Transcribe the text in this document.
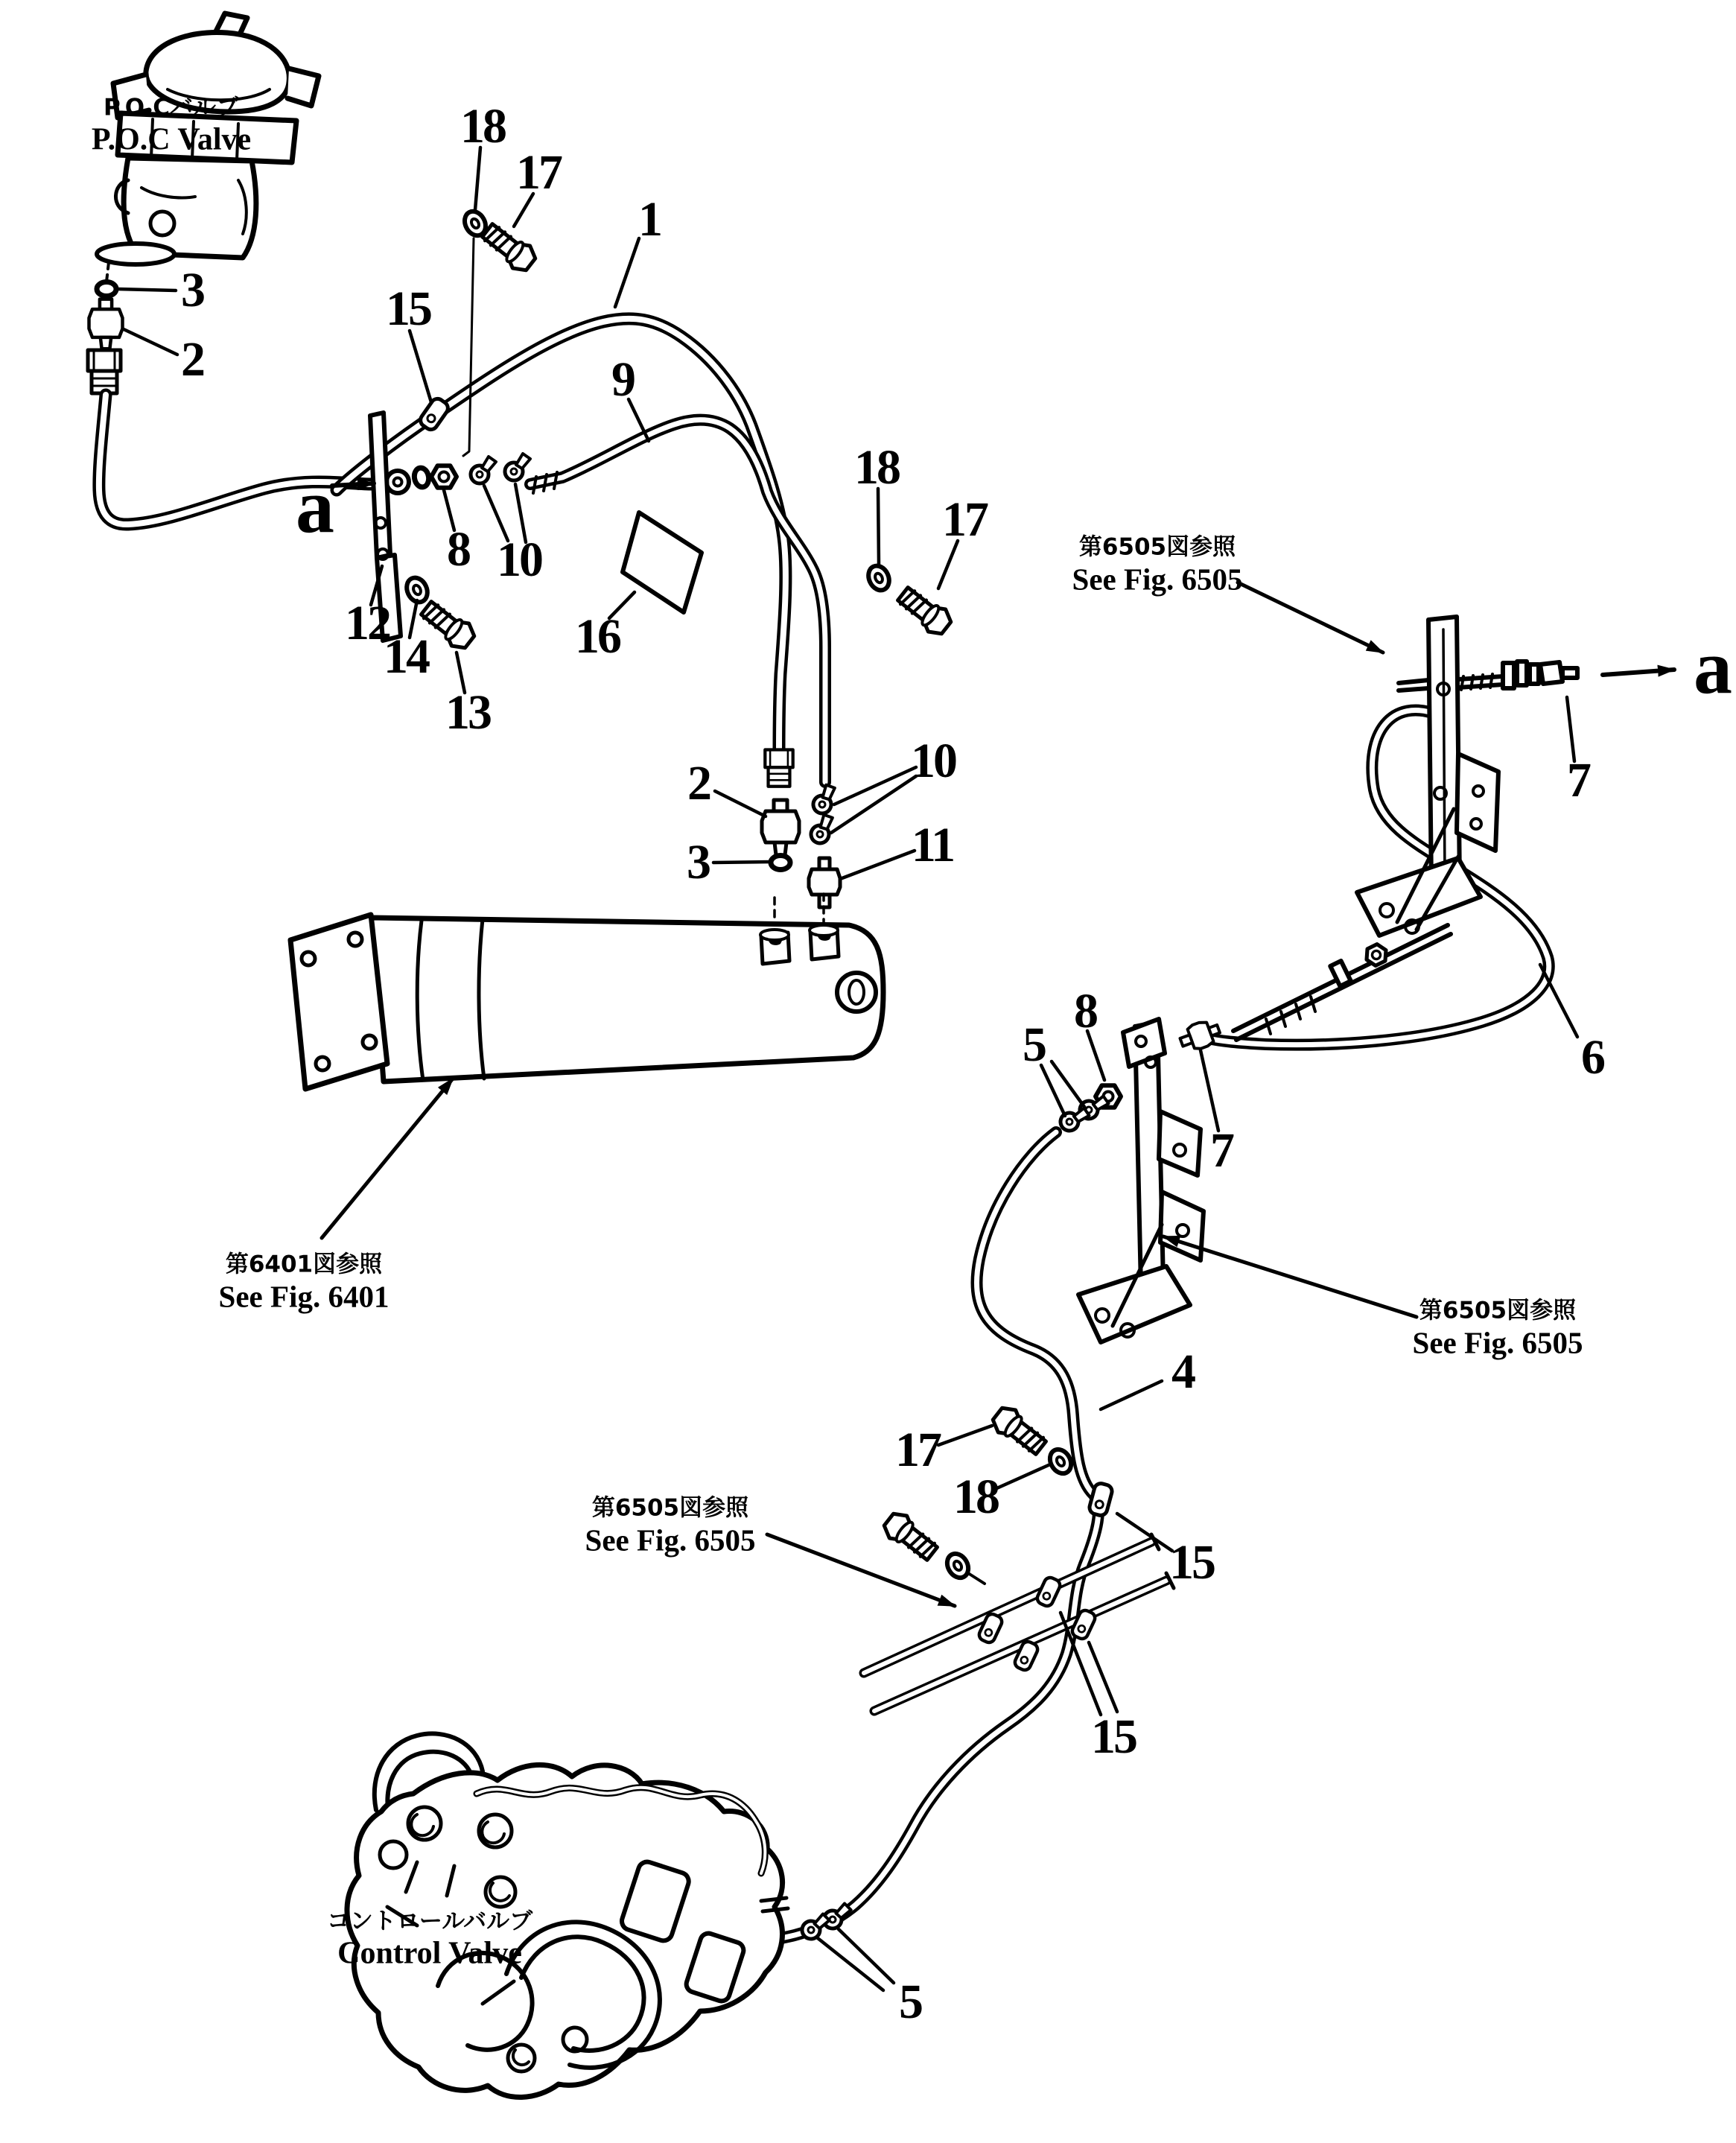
P.O.Cバルブ
P.O.C Valve
第6505図参照
See Fig. 6505
第6401図参照
See Fig. 6401	第6505図参照
See Fig. 6505
第6505図参照
See Fig. 6505
コントロールバルブ
Control Valve
a
a
18
17
1
3
2
15
9
8 10
12
14
13
16
18
17
2	10
3	11
7
8
5
7
6
4
17
18
15
15
5
